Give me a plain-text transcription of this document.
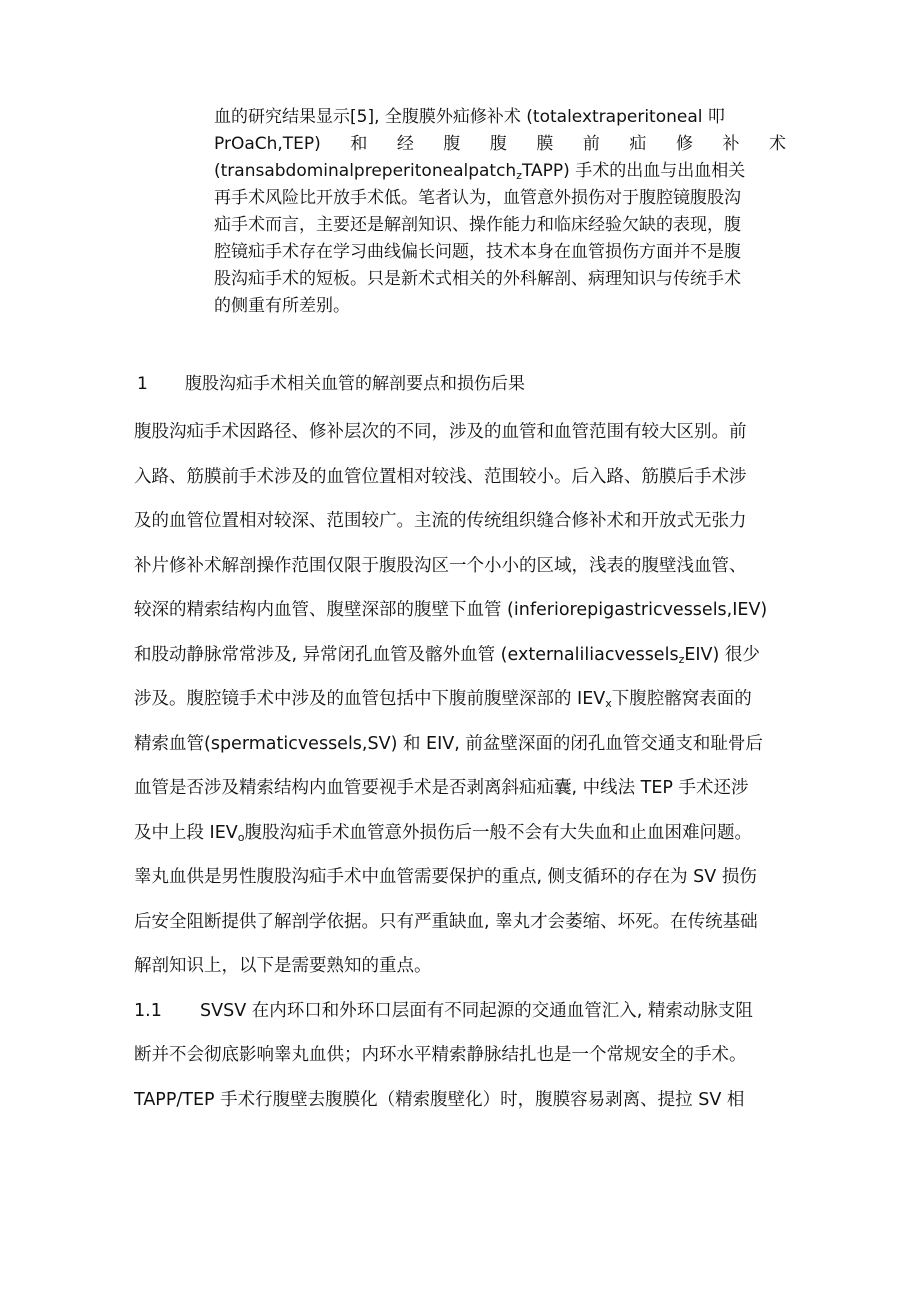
血的研究结果显示[5], 全腹膜外疝修补术 (totalextraperitoneal 叩
PrOaCh,TEP) 和 经 腹 腹 膜 前 疝 修 补 术
(transabdominalpreperitonealpatch$_z$TAPP) 手术的出血与出血相关
再手术风险比开放手术低。笔者认为，血管意外损伤对于腹腔镜腹股沟
疝手术而言，主要还是解剖知识、操作能力和临床经验欠缺的表现，腹
腔镜疝手术存在学习曲线偏长问题，技术本身在血管损伤方面并不是腹
股沟疝手术的短板。只是新术式相关的外科解剖、病理知识与传统手术
的侧重有所差别。
1 腹股沟疝手术相关血管的解剖要点和损伤后果
腹股沟疝手术因路径、修补层次的不同，涉及的血管和血管范围有较大区别。前
入路、筋膜前手术涉及的血管位置相对较浅、范围较小。后入路、筋膜后手术涉
及的血管位置相对较深、范围较广。主流的传统组织缝合修补术和开放式无张力
补片修补术解剖操作范围仅限于腹股沟区一个小小的区域，浅表的腹壁浅血管、
较深的精索结构内血管、腹壁深部的腹壁下血管 (inferiorepigastricvessels,IEV)
和股动静脉常常涉及, 异常闭孔血管及髂外血管 (externaliliacvessels$_z$EIV) 很少
涉及。腹腔镜手术中涉及的血管包括中下腹前腹壁深部的 $IEV_x$下腹腔髂窝表面的
精索血管(spermaticvessels,SV) 和 EIV, 前盆壁深面的闭孔血管交通支和耻骨后
血管是否涉及精索结构内血管要视手术是否剥离斜疝疝囊, 中线法 TEP 手术还涉
及中上段 $IEV_o$腹股沟疝手术血管意外损伤后一般不会有大失血和止血困难问题。
睾丸血供是男性腹股沟疝手术中血管需要保护的重点, 侧支循环的存在为 SV 损伤
后安全阻断提供了解剖学依据。只有严重缺血, 睾丸才会萎缩、坏死。在传统基础
解剖知识上，以下是需要熟知的重点。
1.1 SVSV 在内环口和外环口层面有不同起源的交通血管汇入, 精索动脉支阻
断并不会彻底影响睾丸血供；内环水平精索静脉结扎也是一个常规安全的手术。
TAPP/TEP 手术行腹壁去腹膜化（精索腹壁化）时，腹膜容易剥离、提拉 SV 相
